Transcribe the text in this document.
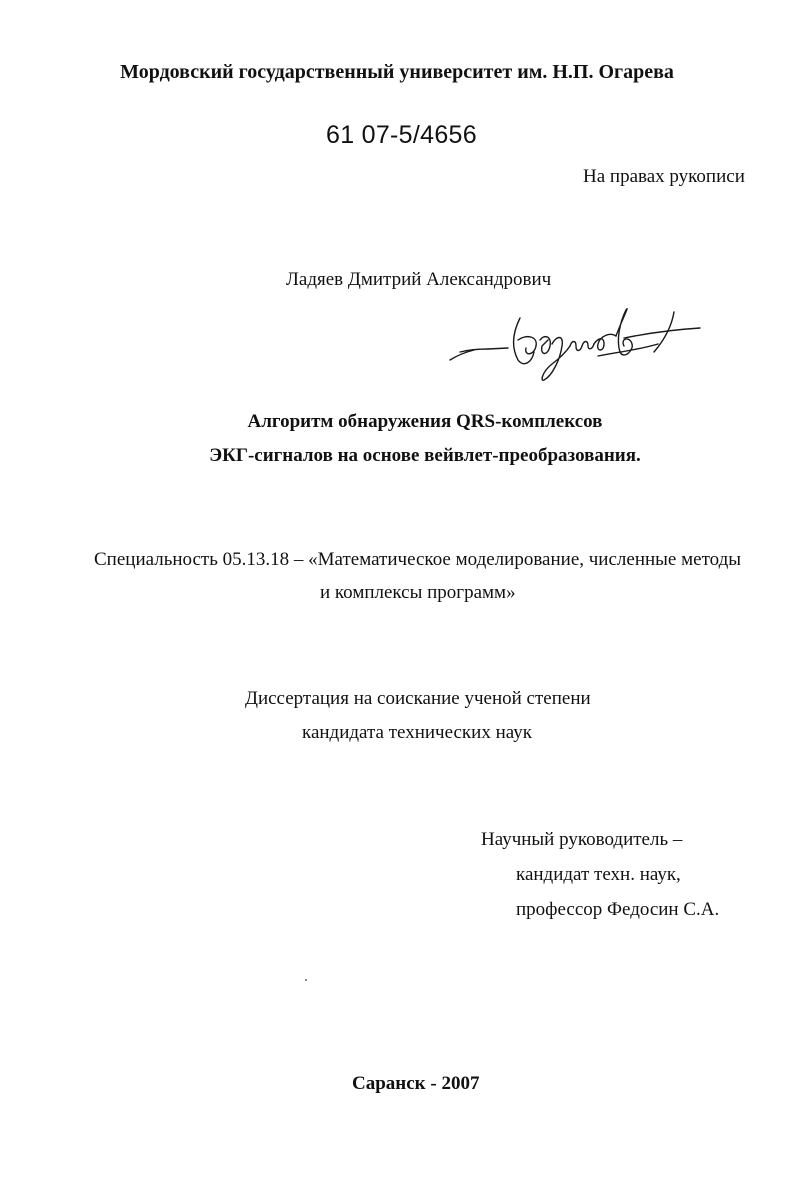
Мордовский государственный университет им. Н.П. Огарева
61 07-5/4656
На правах рукописи
Ладяев Дмитрий Александрович
Алгоритм обнаружения QRS-комплексов
ЭКГ-сигналов на основе вейвлет-преобразования.
Специальность 05.13.18 – «Математическое моделирование, численные методы
и комплексы программ»
Диссертация на соискание ученой степени
кандидата технических наук
Научный руководитель –
кандидат техн. наук,
профессор Федосин С.А.
Саранск - 2007
